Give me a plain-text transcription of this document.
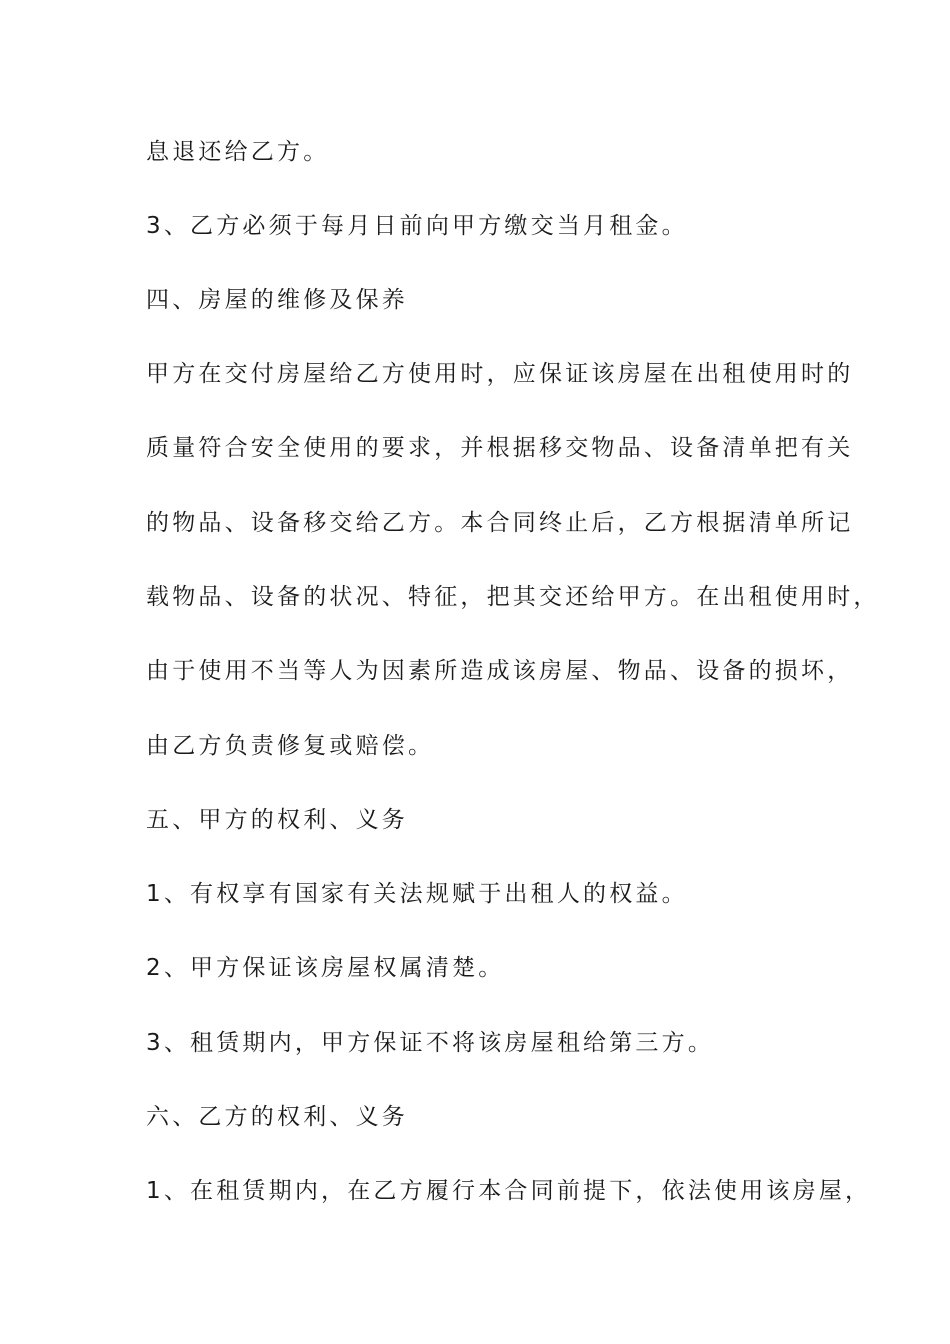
息退还给乙方。
3、乙方必须于每月日前向甲方缴交当月租金。
四、房屋的维修及保养
甲方在交付房屋给乙方使用时，应保证该房屋在出租使用时的
质量符合安全使用的要求，并根据移交物品、设备清单把有关
的物品、设备移交给乙方。本合同终止后，乙方根据清单所记
载物品、设备的状况、特征，把其交还给甲方。在出租使用时，
由于使用不当等人为因素所造成该房屋、物品、设备的损坏，
由乙方负责修复或赔偿。
五、甲方的权利、义务
1、有权享有国家有关法规赋于出租人的权益。
2、甲方保证该房屋权属清楚。
3、租赁期内，甲方保证不将该房屋租给第三方。
六、乙方的权利、义务
1、在租赁期内，在乙方履行本合同前提下，依法使用该房屋，
